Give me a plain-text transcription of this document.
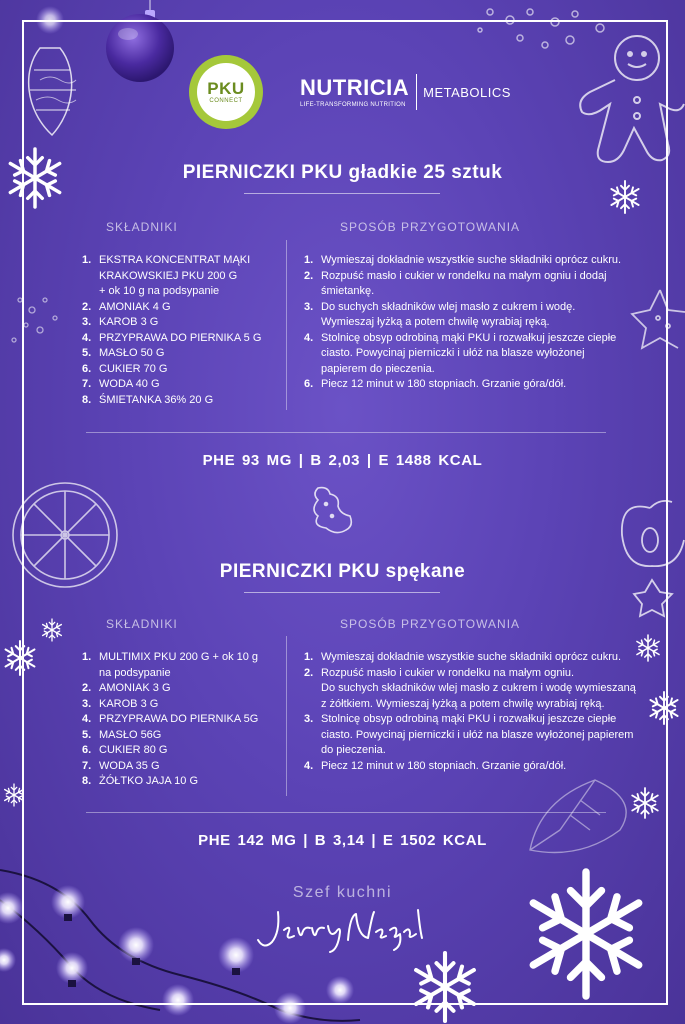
PKU
CONNECT
NUTRICIA
LIFE-TRANSFORMING NUTRITION
METABOLICS
PIERNICZKI PKU gładkie 25 sztuk
SKŁADNIKI	SPOSÓB PRZYGOTOWANIA
1. EKSTRA KONCENTRAT MĄKI
KRAKOWSKIEJ PKU 200 G
+ ok 10 g na podsypanie
2. AMONIAK 4 G
3. KAROB 3 G
4. PRZYPRAWA DO PIERNIKA 5 G
5. MASŁO 50 G
6. CUKIER 70 G
7. WODA 40 G
8. ŚMIETANKA 36% 20 G
1. Wymieszaj dokładnie wszystkie suche składniki oprócz cukru.
2. Rozpuść masło i cukier w rondelku na małym ogniu i dodaj
śmietankę.
3. Do suchych składników wlej masło z cukrem i wodę.
Wymieszaj łyżką a potem chwilę wyrabiaj ręką.
4. Stolnicę obsyp odrobiną mąki PKU i rozwałkuj jeszcze ciepłe
ciasto. Powycinaj pierniczki i ułóż na blasze wyłożonej
papierem do pieczenia.
6. Piecz 12 minut w 180 stopniach. Grzanie góra/dół.
PHE 93 MG | B 2,03 | E 1488 KCAL
PIERNICZKI PKU spękane
SKŁADNIKI	SPOSÓB PRZYGOTOWANIA
1. MULTIMIX PKU 200 G + ok 10 g
na podsypanie
2. AMONIAK 3 G
3. KAROB 3 G
4. PRZYPRAWA DO PIERNIKA 5G
5. MASŁO 56G
6. CUKIER 80 G
7. WODA 35 G
8. ŻÓŁTKO JAJA 10 G
1. Wymieszaj dokładnie wszystkie suche składniki oprócz cukru.
2. Rozpuść masło i cukier w rondelku na małym ogniu.
Do suchych składników wlej masło z cukrem i wodę wymieszaną
z żółtkiem. Wymieszaj łyżką a potem chwilę wyrabiaj ręką.
3. Stolnicę obsyp odrobiną mąki PKU i rozwałkuj jeszcze ciepłe
ciasto. Powycinaj pierniczki i ułóż na blasze wyłożonej papierem
do pieczenia.
4. Piecz 12 minut w 180 stopniach. Grzanie góra/dół.
PHE 142 MG | B 3,14 | E 1502 KCAL
Szef kuchni
